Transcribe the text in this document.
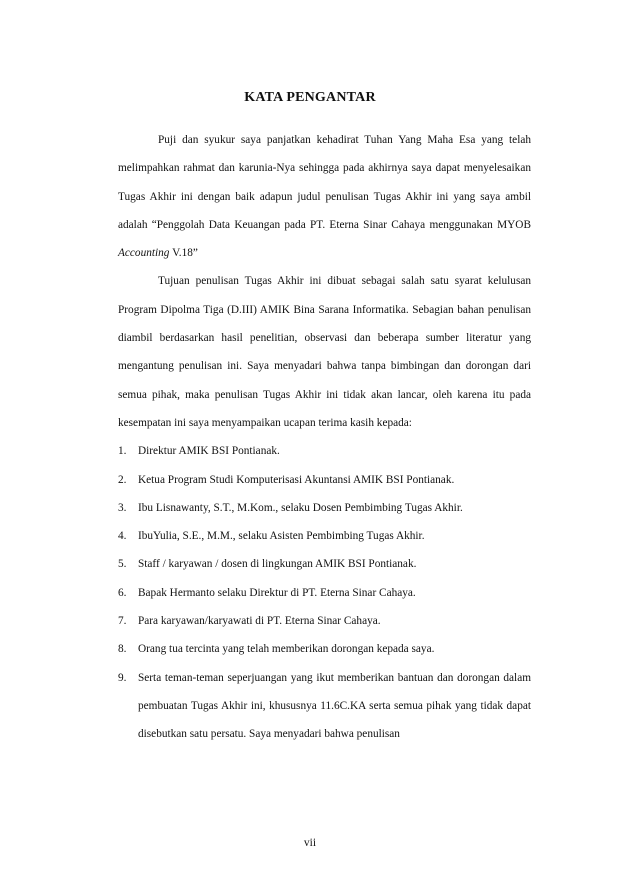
KATA PENGANTAR

Puji dan syukur saya panjatkan kehadirat Tuhan Yang Maha Esa yang telah melimpahkan rahmat dan karunia-Nya sehingga pada akhirnya saya dapat menyelesaikan Tugas Akhir ini dengan baik adapun judul penulisan Tugas Akhir ini yang saya ambil adalah “Penggolah Data Keuangan pada PT. Eterna Sinar Cahaya menggunakan MYOB Accounting V.18”

Tujuan penulisan Tugas Akhir ini dibuat sebagai salah satu syarat kelulusan Program Dipolma Tiga (D.III) AMIK Bina Sarana Informatika. Sebagian bahan penulisan diambil berdasarkan hasil penelitian, observasi dan beberapa sumber literatur yang mengantung penulisan ini. Saya menyadari bahwa tanpa bimbingan dan dorongan dari semua pihak, maka penulisan Tugas Akhir ini tidak akan lancar, oleh karena itu pada kesempatan ini saya menyampaikan ucapan terima kasih kepada:

1. Direktur AMIK BSI Pontianak.
2. Ketua Program Studi Komputerisasi Akuntansi AMIK BSI Pontianak.
3. Ibu Lisnawanty, S.T., M.Kom., selaku Dosen Pembimbing Tugas Akhir.
4. IbuYulia, S.E., M.M., selaku Asisten Pembimbing Tugas Akhir.
5. Staff / karyawan / dosen di lingkungan AMIK BSI Pontianak.
6. Bapak Hermanto selaku Direktur di PT. Eterna Sinar Cahaya.
7. Para karyawan/karyawati di PT. Eterna Sinar Cahaya.
8. Orang tua tercinta yang telah memberikan dorongan kepada saya.
9. Serta teman-teman seperjuangan yang ikut memberikan bantuan dan dorongan dalam pembuatan Tugas Akhir ini, khususnya 11.6C.KA serta semua pihak yang tidak dapat disebutkan satu persatu. Saya menyadari bahwa penulisan
vii
